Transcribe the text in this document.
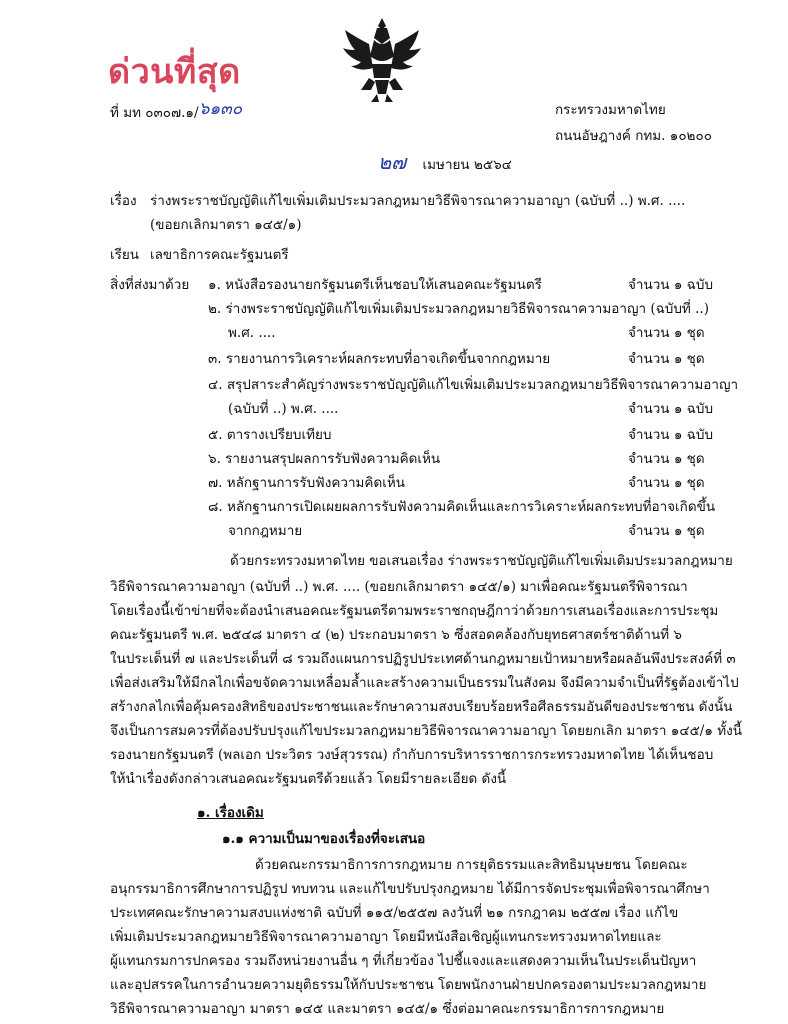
ด่วนที่สุด
ที่ มท ๐๓๐๗.๑/๖๑๓๐	กระทรวงมหาดไทย
ถนนอัษฎางค์ กทม. ๑๐๒๐๐
๒๗ เมษายน ๒๕๖๔
เรื่อง ร่างพระราชบัญญัติแก้ไขเพิ่มเติมประมวลกฎหมายวิธีพิจารณาความอาญา (ฉบับที่ ..) พ.ศ. ....
(ขอยกเลิกมาตรา ๑๔๕/๑)
เรียน เลขาธิการคณะรัฐมนตรี
สิ่งที่ส่งมาด้วย ๑. หนังสือรองนายกรัฐมนตรีเห็นชอบให้เสนอคณะรัฐมนตรี	จำนวน ๑ ฉบับ
๒. ร่างพระราชบัญญัติแก้ไขเพิ่มเติมประมวลกฎหมายวิธีพิจารณาความอาญา (ฉบับที่ ..)
พ.ศ. ....	จำนวน ๑ ชุด
๓. รายงานการวิเคราะห์ผลกระทบที่อาจเกิดขึ้นจากกฎหมาย	จำนวน ๑ ชุด
๔. สรุปสาระสำคัญร่างพระราชบัญญัติแก้ไขเพิ่มเติมประมวลกฎหมายวิธีพิจารณาความอาญา
(ฉบับที่ ..) พ.ศ. ....	จำนวน ๑ ฉบับ
๕. ตารางเปรียบเทียบ	จำนวน ๑ ฉบับ
๖. รายงานสรุปผลการรับฟังความคิดเห็น	จำนวน ๑ ชุด
๗. หลักฐานการรับฟังความคิดเห็น	จำนวน ๑ ชุด
๘. หลักฐานการเปิดเผยผลการรับฟังความคิดเห็นและการวิเคราะห์ผลกระทบที่อาจเกิดขึ้น
จากกฎหมาย	จำนวน ๑ ชุด
ด้วยกระทรวงมหาดไทย ขอเสนอเรื่อง ร่างพระราชบัญญัติแก้ไขเพิ่มเติมประมวลกฎหมาย
วิธีพิจารณาความอาญา (ฉบับที่ ..) พ.ศ. .... (ขอยกเลิกมาตรา ๑๔๕/๑) มาเพื่อคณะรัฐมนตรีพิจารณา
โดยเรื่องนี้เข้าข่ายที่จะต้องนำเสนอคณะรัฐมนตรีตามพระราชกฤษฎีกาว่าด้วยการเสนอเรื่องและการประชุม
คณะรัฐมนตรี พ.ศ. ๒๕๔๘ มาตรา ๔ (๒) ประกอบมาตรา ๖ ซึ่งสอดคล้องกับยุทธศาสตร์ชาติด้านที่ ๖
ในประเด็นที่ ๗ และประเด็นที่ ๘ รวมถึงแผนการปฏิรูปประเทศด้านกฎหมายเป้าหมายหรือผลอันพึงประสงค์ที่ ๓
เพื่อส่งเสริมให้มีกลไกเพื่อขจัดความเหลื่อมล้ำและสร้างความเป็นธรรมในสังคม จึงมีความจำเป็นที่รัฐต้องเข้าไป
สร้างกลไกเพื่อคุ้มครองสิทธิของประชาชนและรักษาความสงบเรียบร้อยหรือศีลธรรมอันดีของประชาชน ดังนั้น
จึงเป็นการสมควรที่ต้องปรับปรุงแก้ไขประมวลกฎหมายวิธีพิจารณาความอาญา โดยยกเลิก มาตรา ๑๔๕/๑ ทั้งนี้
รองนายกรัฐมนตรี (พลเอก ประวิตร วงษ์สุวรรณ) กำกับการบริหารราชการกระทรวงมหาดไทย ได้เห็นชอบ
ให้นำเรื่องดังกล่าวเสนอคณะรัฐมนตรีด้วยแล้ว โดยมีรายละเอียด ดังนี้
๑. เรื่องเดิม
๑.๑ ความเป็นมาของเรื่องที่จะเสนอ
ด้วยคณะกรรมาธิการการกฎหมาย การยุติธรรมและสิทธิมนุษยชน โดยคณะ
อนุกรรมาธิการศึกษาการปฏิรูป ทบทวน และแก้ไขปรับปรุงกฎหมาย ได้มีการจัดประชุมเพื่อพิจารณาศึกษา
ประเทศคณะรักษาความสงบแห่งชาติ ฉบับที่ ๑๑๕/๒๕๕๗ ลงวันที่ ๒๑ กรกฎาคม ๒๕๕๗ เรื่อง แก้ไข
เพิ่มเติมประมวลกฎหมายวิธีพิจารณาความอาญา โดยมีหนังสือเชิญผู้แทนกระทรวงมหาดไทยและ
ผู้แทนกรมการปกครอง รวมถึงหน่วยงานอื่น ๆ ที่เกี่ยวข้อง ไปชี้แจงและแสดงความเห็นในประเด็นปัญหา
และอุปสรรคในการอำนวยความยุติธรรมให้กับประชาชน โดยพนักงานฝ่ายปกครองตามประมวลกฎหมาย
วิธีพิจารณาความอาญา มาตรา ๑๔๕ และมาตรา ๑๔๕/๑ ซึ่งต่อมาคณะกรรมาธิการการกฎหมาย
